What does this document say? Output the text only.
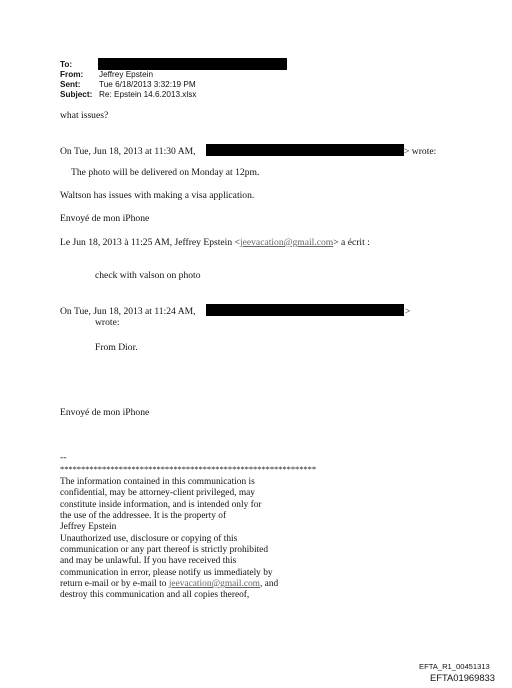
To:
From: Jeffrey Epstein
Sent: Tue 6/18/2013 3:32:19 PM
Subject: Re: Epstein 14.6.2013.xlsx
what issues?
On Tue, Jun 18, 2013 at 11:30 AM,	> wrote:
The photo will be delivered on Monday at 12pm.
Waltson has issues with making a visa application.
Envoyé de mon iPhone
Le Jun 18, 2013 à 11:25 AM, Jeffrey Epstein <jeevacation@gmail.com> a écrit :
check with valson on photo
On Tue, Jun 18, 2013 at 11:24 AM,	>
wrote:
From Dior.
Envoyé de mon iPhone
--
*************************************************************
The information contained in this communication is
confidential, may be attorney-client privileged, may
constitute inside information, and is intended only for
the use of the addressee. It is the property of
Jeffrey Epstein
Unauthorized use, disclosure or copying of this
communication or any part thereof is strictly prohibited
and may be unlawful. If you have received this
communication in error, please notify us immediately by
return e-mail or by e-mail to jeevacation@gmail.com, and
destroy this communication and all copies thereof,
EFTA_R1_00451313
EFTA01969833
